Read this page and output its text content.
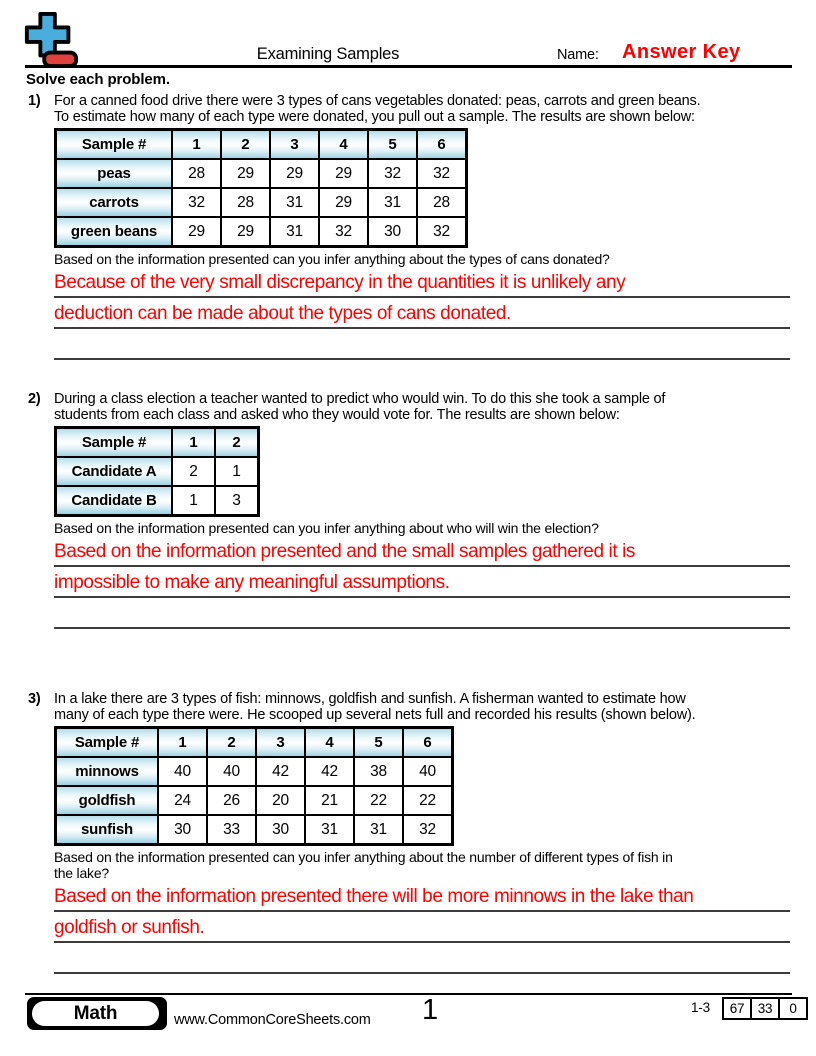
Examining Samples	Name: Answer Key
Solve each problem.
1) For a canned food drive there were 3 types of cans vegetables donated: peas, carrots and green beans.
To estimate how many of each type were donated, you pull out a sample. The results are shown below:
Sample #	1	2	3	4	5	6
peas	28	29	29	29	32	32
carrots	32	28	31	29	31	28
green beans	29	29	31	32	30	32
Based on the information presented can you infer anything about the types of cans donated?
Because of the very small discrepancy in the quantities it is unlikely any
deduction can be made about the types of cans donated.
2) During a class election a teacher wanted to predict who would win. To do this she took a sample of
students from each class and asked who they would vote for. The results are shown below:
Sample #	1	2
Candidate A	2	1
Candidate B	1	3
Based on the information presented can you infer anything about who will win the election?
Based on the information presented and the small samples gathered it is
impossible to make any meaningful assumptions.
3) In a lake there are 3 types of fish: minnows, goldfish and sunfish. A fisherman wanted to estimate how
many of each type there were. He scooped up several nets full and recorded his results (shown below).
Sample #	1	2	3	4	5	6
minnows	40	40	42	42	38	40
goldfish	24	26	20	21	22	22
sunfish	30	33	30	31	31	32
Based on the information presented can you infer anything about the number of different types of fish in
the lake?
Based on the information presented there will be more minnows in the lake than
goldfish or sunfish.
Math	www.CommonCoreSheets.com	1	1-3	67 33	0
